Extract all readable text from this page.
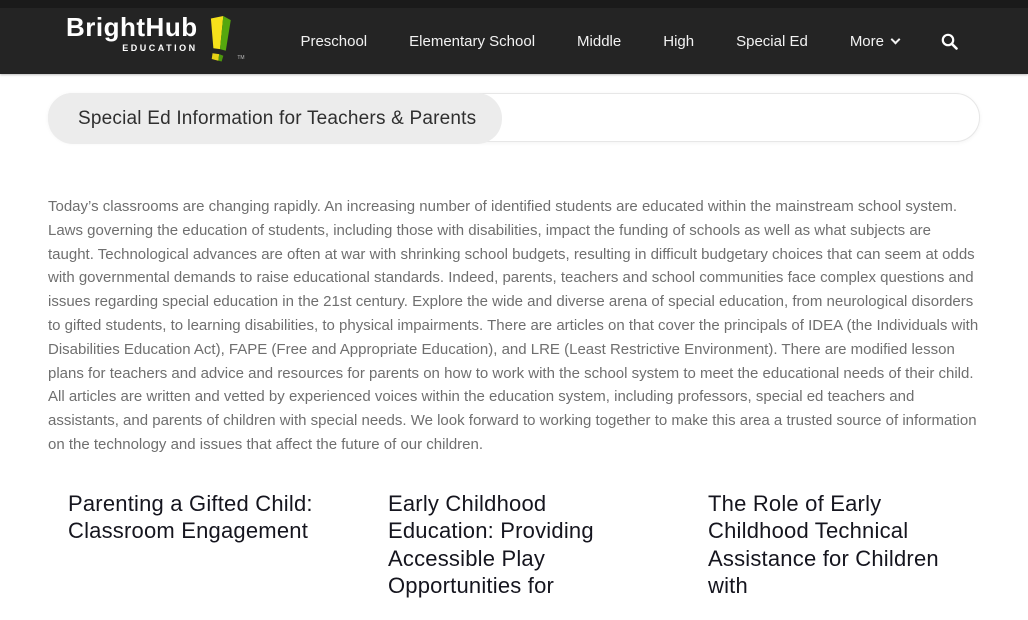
BrightHub
EDUCATION
TM
Preschool	Elementary School	Middle	High	Special Ed	More
Special Ed Information for Teachers & Parents

Today’s classrooms are changing rapidly. An increasing number of identified students are educated within the mainstream school system. Laws governing the education of students, including those with disabilities, impact the funding of schools as well as what subjects are taught. Technological advances are often at war with shrinking school budgets, resulting in difficult budgetary choices that can seem at odds with governmental demands to raise educational standards. Indeed, parents, teachers and school communities face complex questions and issues regarding special education in the 21st century. Explore the wide and diverse arena of special education, from neurological disorders to gifted students, to learning disabilities, to physical impairments. There are articles on that cover the principals of IDEA (the Individuals with Disabilities Education Act), FAPE (Free and Appropriate Education), and LRE (Least Restrictive Environment). There are modified lesson plans for teachers and advice and resources for parents on how to work with the school system to meet the educational needs of their child. All articles are written and vetted by experienced voices within the education system, including professors, special ed teachers and assistants, and parents of children with special needs. We look forward to working together to make this area a trusted source of information on the technology and issues that affect the future of our children.

Parenting a Gifted Child: Classroom Engagement
Early Childhood Education: Providing Accessible Play Opportunities for
The Role of Early Childhood Technical Assistance for Children with
